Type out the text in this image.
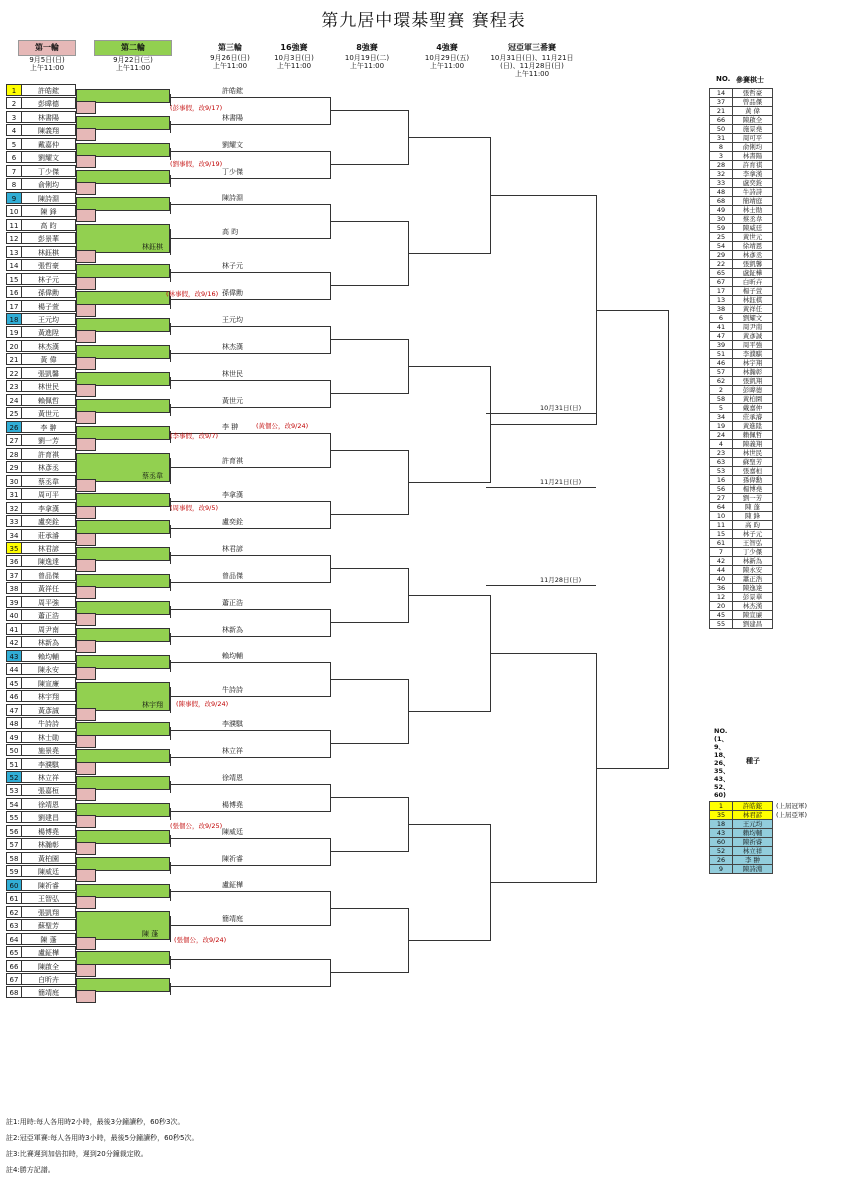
第九居中環棊聖賽 賽程表
第一輪
9月5日(日)
上午11:00
第二輪
9月22日(三)
上午11:00
第三輪
9月26日(日)
上午11:00
16強賽
10月3日(日)
上午11:00
8強賽
10月19日(二)
上午11:00
4強賽
10月29日(五)
上午11:00
冠亞軍三番賽
10月31日(日)、11月21日(日)、11月28日(日)
上午11:00
1	許皓鋐
2	彭暐德
3	林書陽
4	陳義翔
5	戴嘉仲
6	劉耀文
7	丁少傑
8	俞俐均
9	陳詩淵
10	陳 鋒
11	高 昀
12	彭景華
13	林鈺棋
14	張哲豪
15	林子元
16	孫偉勳
17	楊子萱
18	王元均
19	黃進陞
20	林杰漢
21	黃 偉
22	張凱馨
23	林世民
24	賴佩哲
25	黃世元
26	李 翀
27	劉一芳
28	許育祺
29	林彥丞
30	蔡丞韋
31	周可平
32	李拿漢
33	盧奕銓
34	莊承濬
35	林君諺
36	陳逸達
37	曾品傑
38	黃祥任
39	周平強
40	蕭正浩
41	周尹南
42	林新為
43	賴均輔
44	陳永安
45	陳宣廉
46	林宇翔
47	黃彥誠
48	牛詩詩
49	林士勛
50	施景堯
51	李濮騏
52	林立祥
53	張嘉桓
54	徐靖恩
55	劉建昌
56	楊博堯
57	林瀚彰
58	黃柏園
59	陳威廷
60	陳祈睿
61	王智弘
62	張凱翔
63	蘇聖芳
64	陳 蓬
65	盧鉦樺
66	陳啟全
67	白昕卉
68	簡靖庭
林鈺棋
蔡丞韋
林宇翔
陳 蓬
許皓鋐
林書陽
劉耀文
丁少傑
陳詩淵
高 昀
林子元
孫偉勳
王元均
林杰漢
林世民
黃世元
李 翀
許育祺
李拿漢
盧奕銓
林君諺
曾品傑
蕭正浩
林新為
賴均輔
牛詩詩
李濮騏
林立祥
徐靖恩
楊博堯
陳威廷
陳祈睿
盧鉦樺
簡靖庭
(彭事假，改9/17)
(劉事假，改9/19)
(林事假，改9/16)
(黃個公，改9/24)
(李事假，改9/7)
(周事假，改9/5)
(陳事假，改9/24)
(張個公，改9/25)
(張個公，改9/24)
10月31日(日)
11月21日(日)
11月28日(日)
NO. 參賽棋士
14	張哲豪
37	曾品傑
21	黃 偉
66	陳啟全
50	施景堯
31	周可平
8	俞俐均
3	林書陽
28	許育祺
32	李拿漢
33	盧奕銓
48	牛詩詩
68	簡靖庭
49	林士勛
30	蔡丞韋
59	陳威廷
25	黃世元
54	徐靖恩
29	林彥丞
22	張凱馨
65	盧鉦樺
67	白昕卉
17	楊子萱
13	林鈺棋
38	黃祥任
6	劉耀文
41	周尹南
47	黃彥誠
39	周平強
51	李濮騏
46	林宇翔
57	林瀚彰
62	張凱翔
2	彭暐德
58	黃柏園
5	戴嘉仲
34	莊承濬
19	黃進陞
24	賴佩哲
4	陳義翔
23	林世民
63	蘇聖芳
53	張嘉桓
16	孫偉勳
56	楊博堯
27	劉一芳
64	陳 蓬
10	陳 鋒
11	高 昀
15	林子元
61	王智弘
7	丁少傑
42	林新為
44	陳永安
40	蕭正浩
36	陳逸達
12	彭景華
20	林杰漢
45	陳宣廉
55	劉建昌
NO.(1、9、18、26、35、43、52、60)
種子
1	許皓鋐
35	林君諺
18	王元均
43	賴均輔
60	陳祈睿
52	林立祥
26	李 翀
9	陳詩淵
(上屆冠軍)
(上屆亞軍)
註1:用時:每人各用時2小時，最後3分鐘讀秒，60秒3次。
註2:冠亞軍賽:每人各用時3小時，最後5分鐘讀秒，60秒5次。
註3:比賽遲到加倍扣時，遲到20分鐘裁定敗。
註4:勝方記譜。
